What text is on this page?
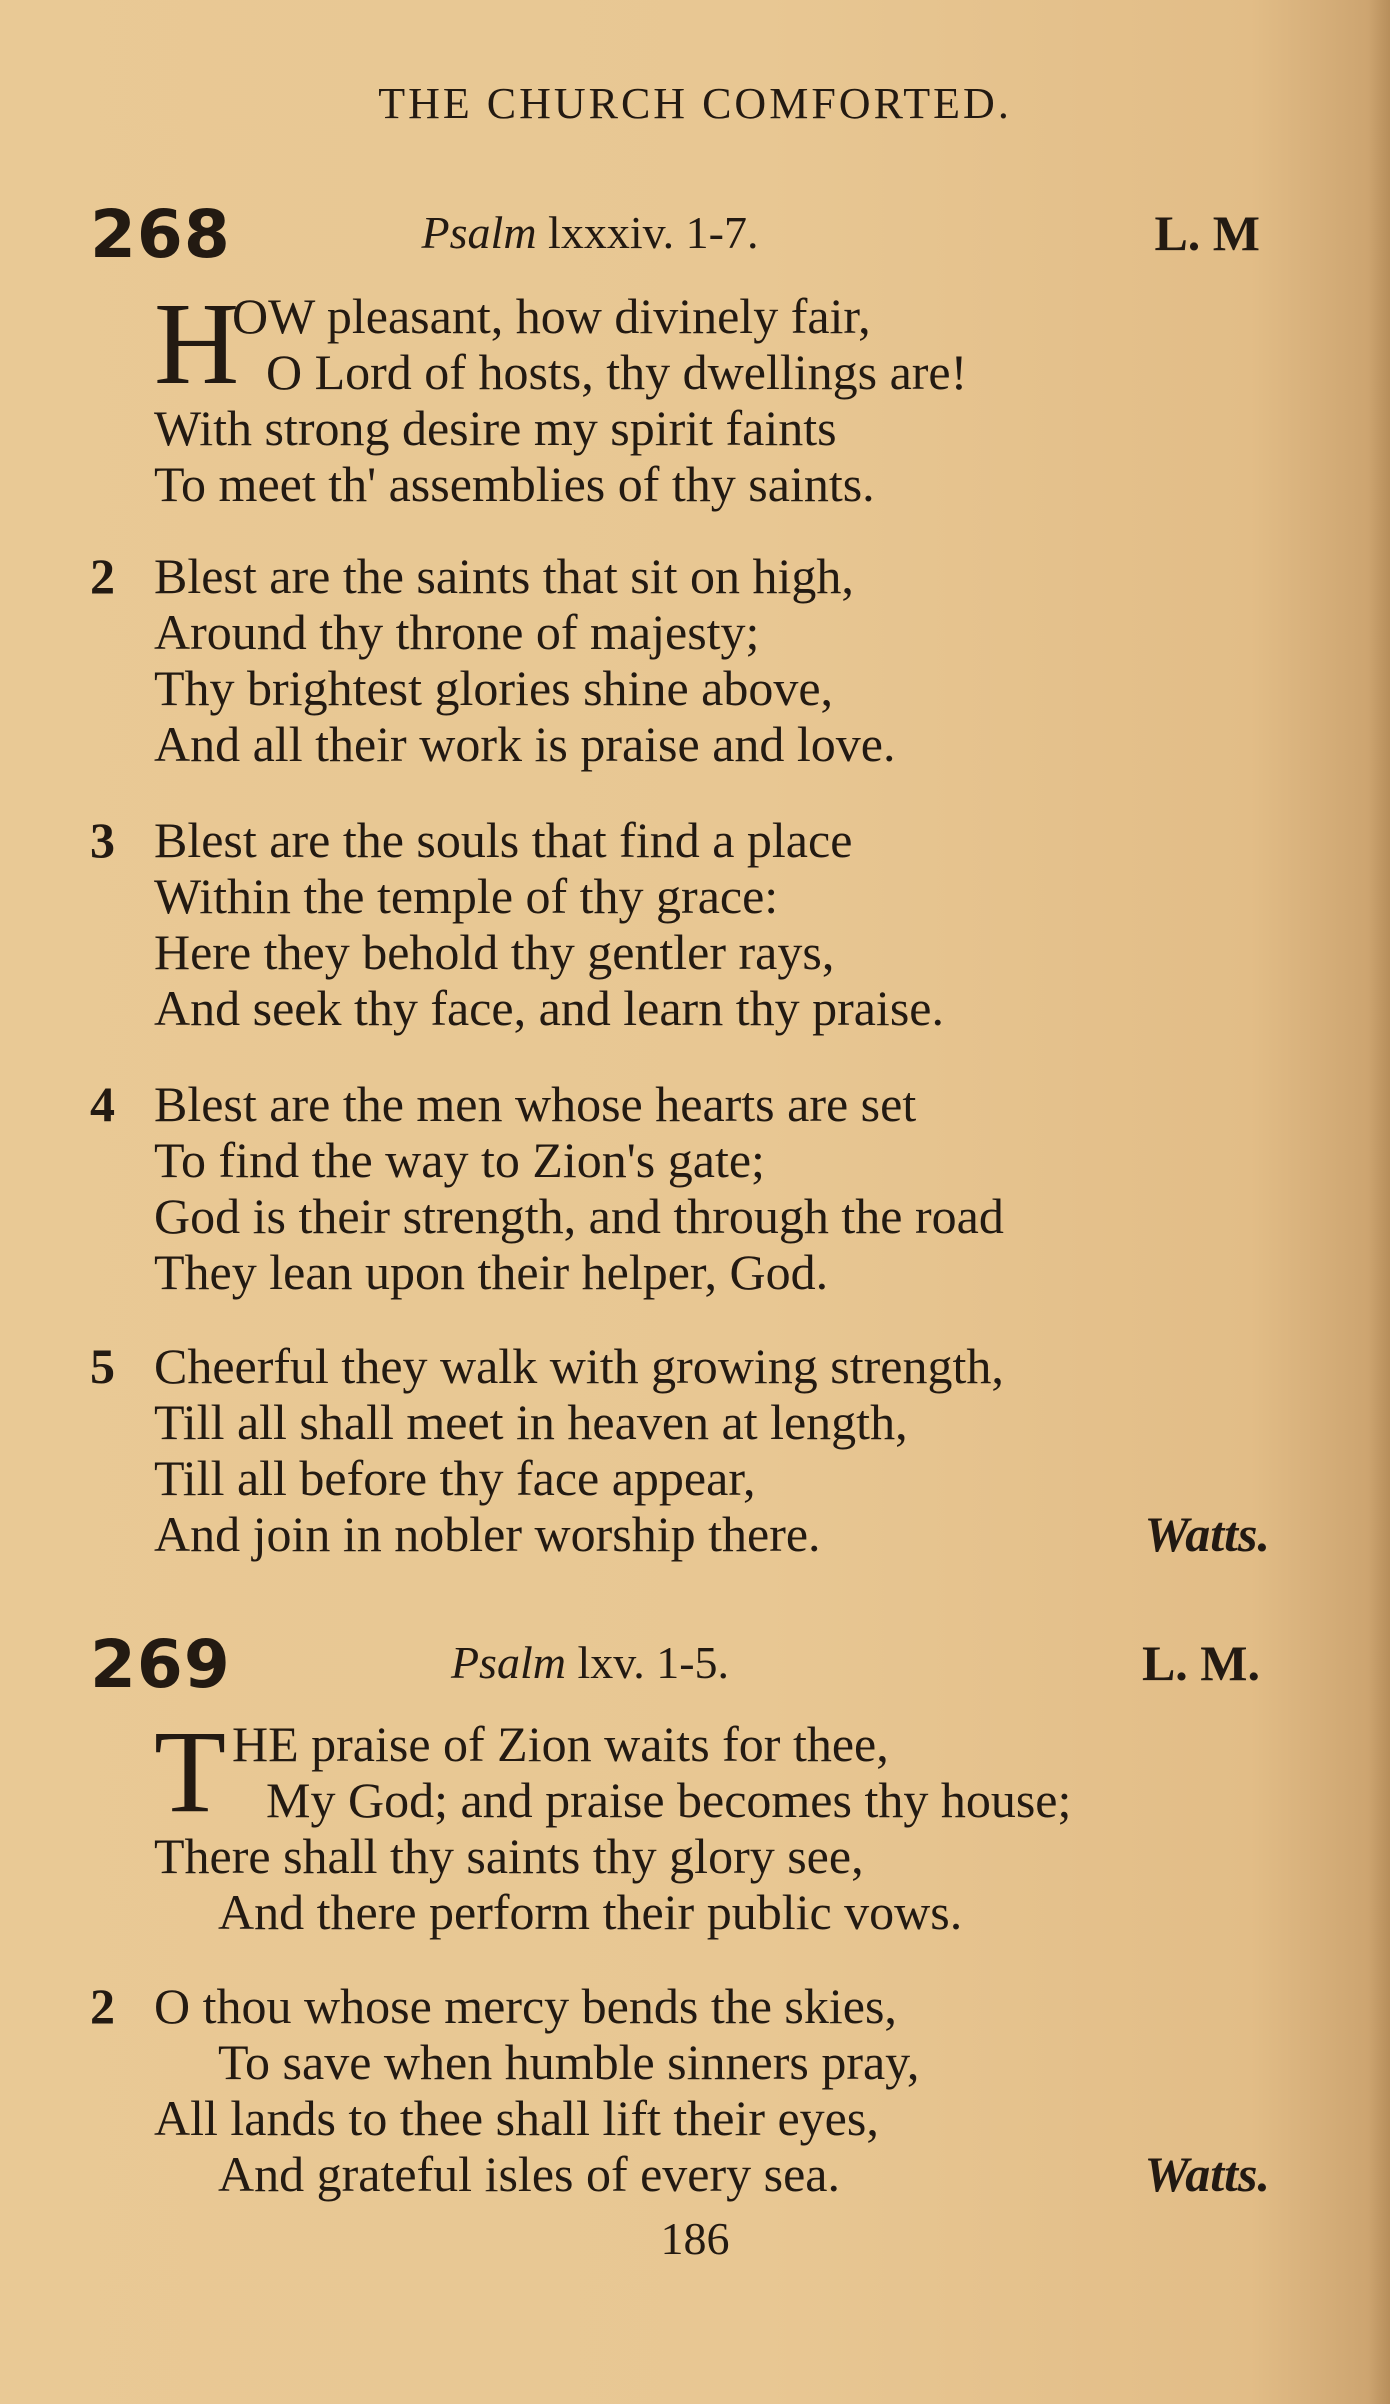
THE CHURCH COMFORTED.
268	Psalm lxxxiv. 1-7.	L. M
H
OW pleasant, how divinely fair,
O Lord of hosts, thy dwellings are!
With strong desire my spirit faints
To meet th' assemblies of thy saints.
2 Blest are the saints that sit on high,
Around thy throne of majesty;
Thy brightest glories shine above,
And all their work is praise and love.
3 Blest are the souls that find a place
Within the temple of thy grace:
Here they behold thy gentler rays,
And seek thy face, and learn thy praise.
4 Blest are the men whose hearts are set
To find the way to Zion's gate;
God is their strength, and through the road
They lean upon their helper, God.
5 Cheerful they walk with growing strength,
Till all shall meet in heaven at length,
Till all before thy face appear,
And join in nobler worship there.	Watts.
269	Psalm lxv. 1-5.	L. M.
T HE praise of Zion waits for thee,
My God; and praise becomes thy house;
There shall thy saints thy glory see,
And there perform their public vows.
2 O thou whose mercy bends the skies,
To save when humble sinners pray,
All lands to thee shall lift their eyes,
And grateful isles of every sea.	Watts.
186
